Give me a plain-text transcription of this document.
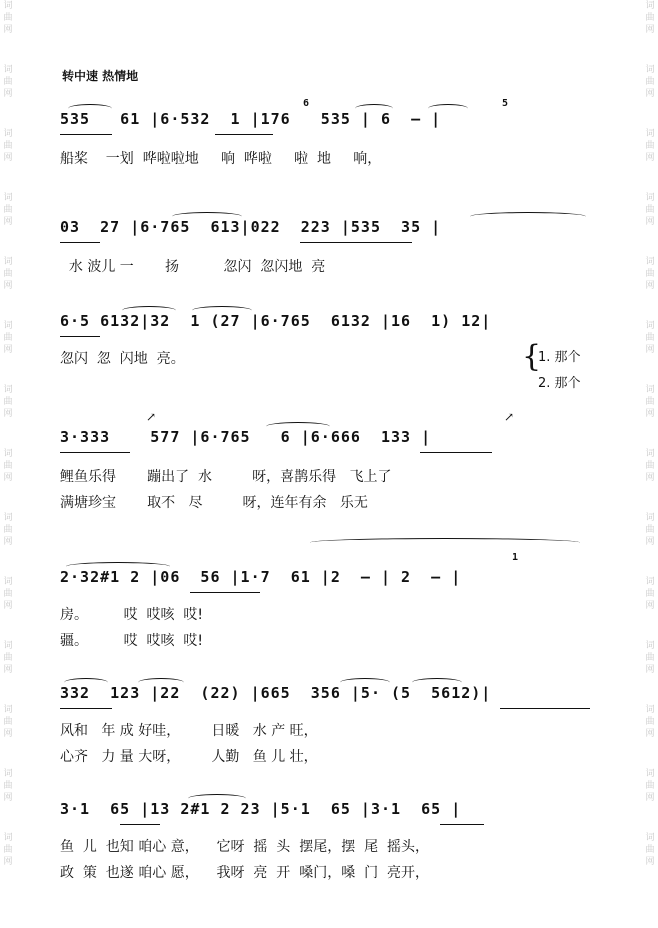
词
曲
网
词
曲
网
词
曲
网
词
曲
网
词
曲
网
词
曲
网
词
曲
网
词
曲
网
词
曲
网
词
曲
网
词
曲
网
词
曲
网
词
曲
网
词
曲
网
词
曲
网
词
曲
网
词
曲
网
词
曲
网
词
曲
网
词
曲
网
词
曲
网
词
曲
网
词
曲
网
词
曲
网
词
曲
网
词
曲
网
词
曲
网
词
曲
网
转中速 热情地
535   61 |6·532  1 |176   535 | 6  — |
6	5
船桨    一划  哗啦啦地     响  哗啦     啦  地     响，
03  27 |6·765  613|022  223 |535  35 |
水 波儿 一       扬          忽闪  忽闪地  亮
6·5 6132|32  1 (27 |6·765  6132 |16  1) 12|
忽闪  忽  闪地  亮。	{
1. 那个
2. 那个
↗	↗
3·333    577 |6·765   6 |6·666  133 |
鲤鱼乐得       蹦出了  水         呀，喜鹊乐得   飞上了
满塘珍宝       取不   尽         呀，连年有余   乐无
2·32#1 2 |06  56 |1·7  61 |2  — | 2  — |
1
房。        哎  哎咳  哎!
疆。        哎  哎咳  哎!
332  123 |22  (22) |665  356 |5· (5  5612)|
风和   年 成 好哇，       日暖   水 产 旺，
心齐   力 量 大呀，       人勤   鱼 儿 壮，
3·1  65 |13 2#1 2 23 |5·1  65 |3·1  65 |
鱼  儿  也知 咱心 意，    它呀  摇  头  摆尾，摆  尾  摇头，
政  策  也遂 咱心 愿，    我呀  亮  开  嗓门，嗓  门  亮开，
